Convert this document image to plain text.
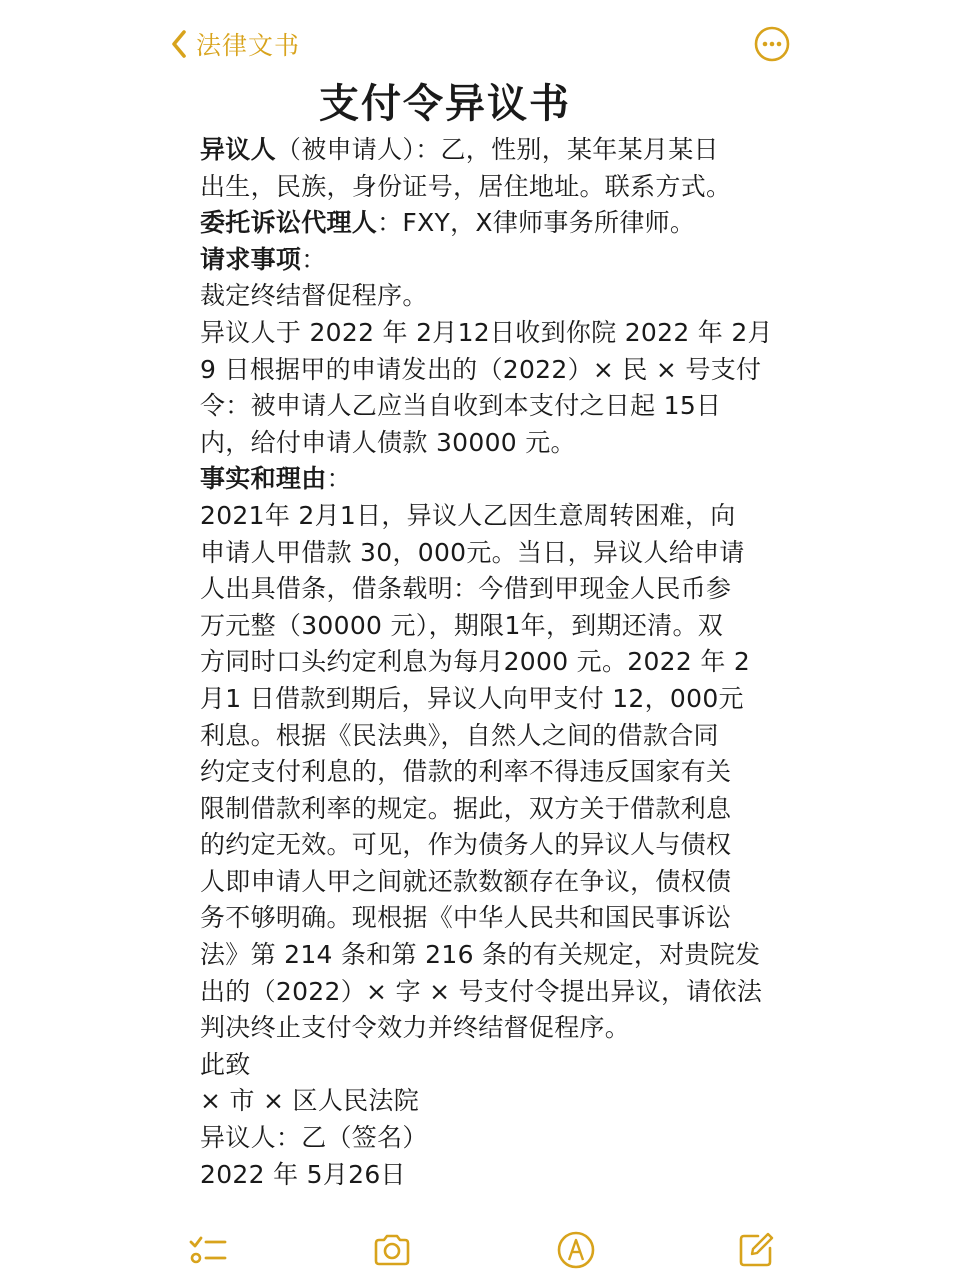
法律文书
支付令异议书
异议人（被申请人）：乙，性别，某年某月某日
出生，民族，身份证号，居住地址。联系方式。
委托诉讼代理人：FXY，X律师事务所律师。
请求事项：
裁定终结督促程序。
异议人于 2022 年 2月12日收到你院 2022 年 2月
9 日根据甲的申请发出的（2022）× 民 × 号支付
令：被申请人乙应当自收到本支付之日起 15日
内，给付申请人债款 30000 元。
事实和理由：
2021年 2月1日，异议人乙因生意周转困难，向
申请人甲借款 30，000元。当日，异议人给申请
人出具借条，借条载明：今借到甲现金人民币参
万元整（30000 元），期限1年，到期还清。双
方同时口头约定利息为每月2000 元。2022 年 2
月1 日借款到期后，异议人向甲支付 12，000元
利息。根据《民法典》，自然人之间的借款合同
约定支付利息的，借款的利率不得违反国家有关
限制借款利率的规定。据此，双方关于借款利息
的约定无效。可见，作为债务人的异议人与债权
人即申请人甲之间就还款数额存在争议，债权债
务不够明确。现根据《中华人民共和国民事诉讼
法》第 214 条和第 216 条的有关规定，对贵院发
出的（2022）× 字 × 号支付令提出异议，请依法
判决终止支付令效力并终结督促程序。
此致
× 市 × 区人民法院
异议人：乙（签名）
2022 年 5月26日
